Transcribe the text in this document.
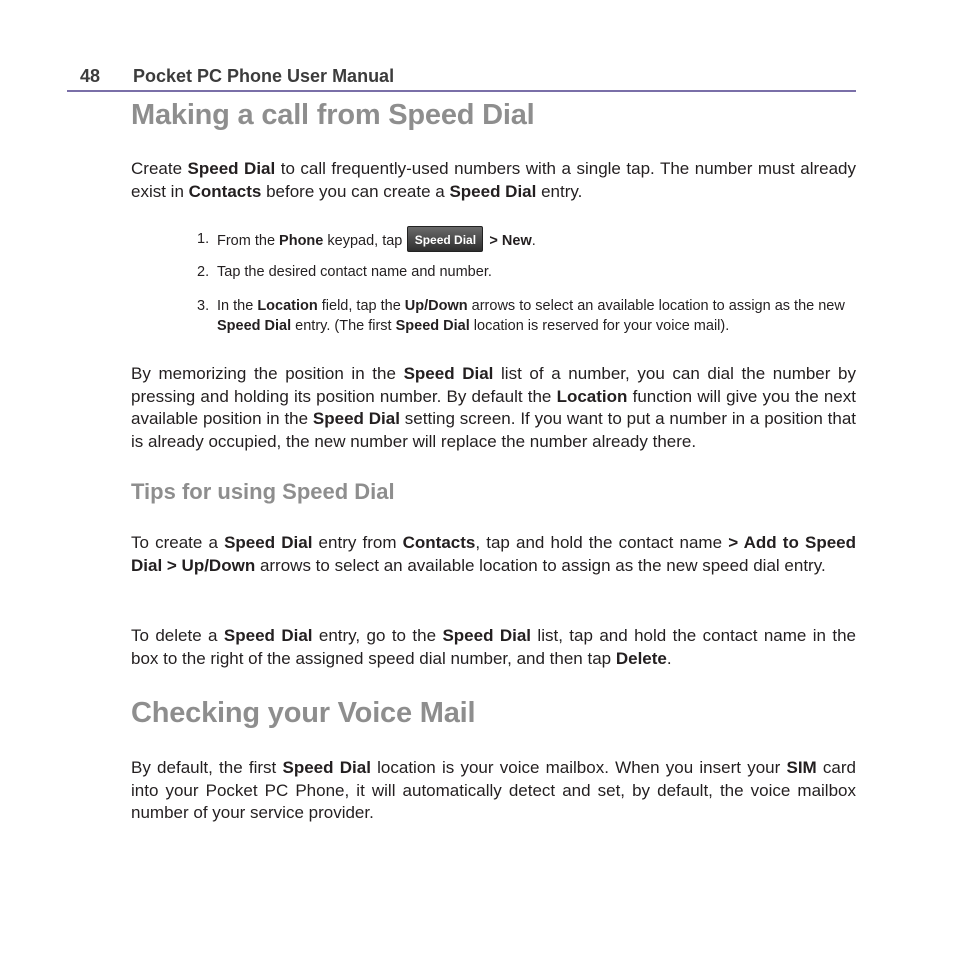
48 Pocket PC Phone User Manual
Making a call from Speed Dial
Create Speed Dial to call frequently-used numbers with a single tap. The number must already exist in Contacts before you can create a Speed Dial entry.
1. From the Phone keypad, tap Speed Dial > New.
2. Tap the desired contact name and number.
3. In the Location field, tap the Up/Down arrows to select an available location to assign as the new Speed Dial entry. (The first Speed Dial location is reserved for your voice mail).
By memorizing the position in the Speed Dial list of a number, you can dial the number by pressing and holding its position number. By default the Location function will give you the next available position in the Speed Dial setting screen. If you want to put a number in a position that is already occupied, the new number will replace the number already there.
Tips for using Speed Dial
To create a Speed Dial entry from Contacts, tap and hold the contact name > Add to Speed Dial > Up/Down arrows to select an available location to assign as the new speed dial entry.
To delete a Speed Dial entry, go to the Speed Dial list, tap and hold the contact name in the box to the right of the assigned speed dial number, and then tap Delete.
Checking your Voice Mail
By default, the first Speed Dial location is your voice mailbox. When you insert your SIM card into your Pocket PC Phone, it will automatically detect and set, by default, the voice mailbox number of your service provider.
